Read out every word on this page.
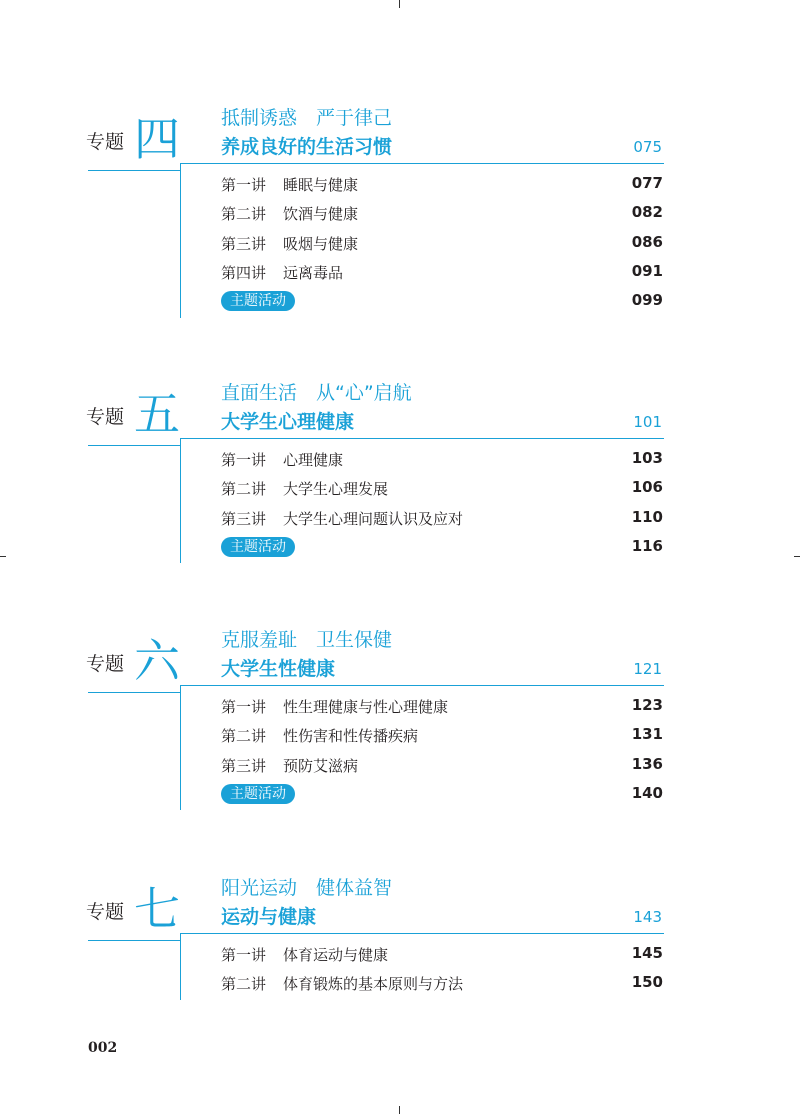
抵制诱惑　严于律己
专题 四 养成良好的生活习惯	075
第一讲 睡眠与健康	077
第二讲 饮酒与健康	082
第三讲 吸烟与健康	086
第四讲 远离毒品	091
主题活动	099
直面生活　从“心”启航
专题 五 大学生心理健康	101
第一讲 心理健康	103
第二讲 大学生心理发展	106
第三讲 大学生心理问题认识及应对	110
主题活动	116
克服羞耻　卫生保健
专题 六 大学生性健康	121
第一讲 性生理健康与性心理健康	123
第二讲 性伤害和性传播疾病	131
第三讲 预防艾滋病	136
主题活动	140
阳光运动　健体益智
专题 七 运动与健康	143
第一讲 体育运动与健康	145
第二讲 体育锻炼的基本原则与方法	150
002
